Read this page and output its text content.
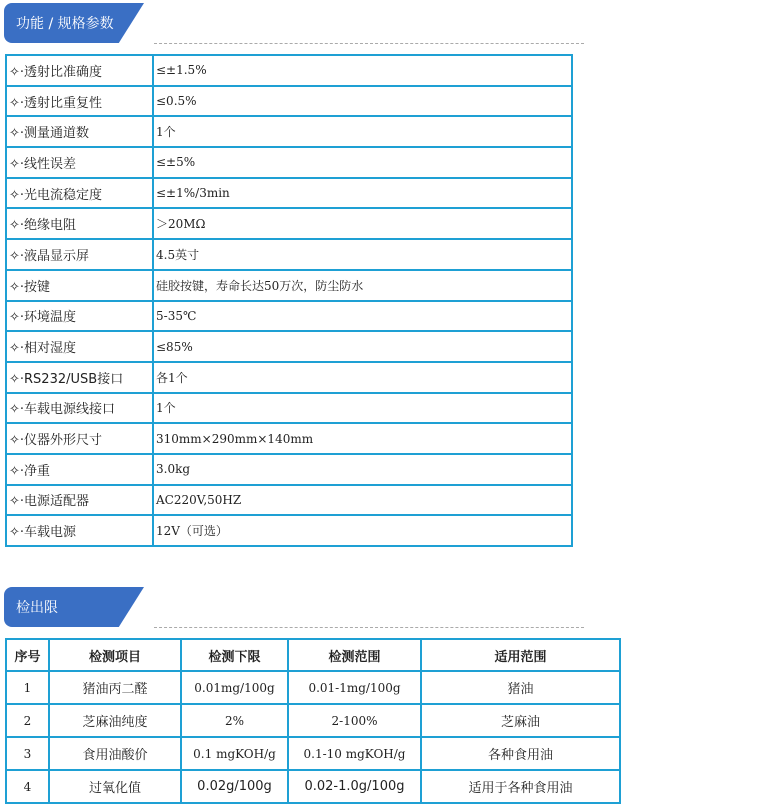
功能 / 规格参数
✧·透射比准确度	≤±1.5%
✧·透射比重复性	≤0.5%
✧·测量通道数	1个
✧·线性误差	≤±5%
✧·光电流稳定度	≤±1%/3min
✧·绝缘电阻	＞20MΩ
✧·液晶显示屏	4.5英寸
✧·按键	硅胶按键，寿命长达50万次，防尘防水
✧·环境温度	5-35℃
✧·相对湿度	≤85%
✧·RS232/USB接口	各1个
✧·车载电源线接口	1个
✧·仪器外形尺寸	310mm×290mm×140mm
✧·净重	3.0kg
✧·电源适配器	AC220V,50HZ
✧·车载电源	12V（可选）
检出限
序号	检测项目	检测下限	检测范围	适用范围
1	猪油丙二醛	0.01mg/100g	0.01-1mg/100g	猪油
2	芝麻油纯度	2%	2-100%	芝麻油
3	食用油酸价	0.1 mgKOH/g	0.1-10 mgKOH/g	各种食用油
4	过氧化值	0.02g/100g	0.02-1.0g/100g	适用于各种食用油
